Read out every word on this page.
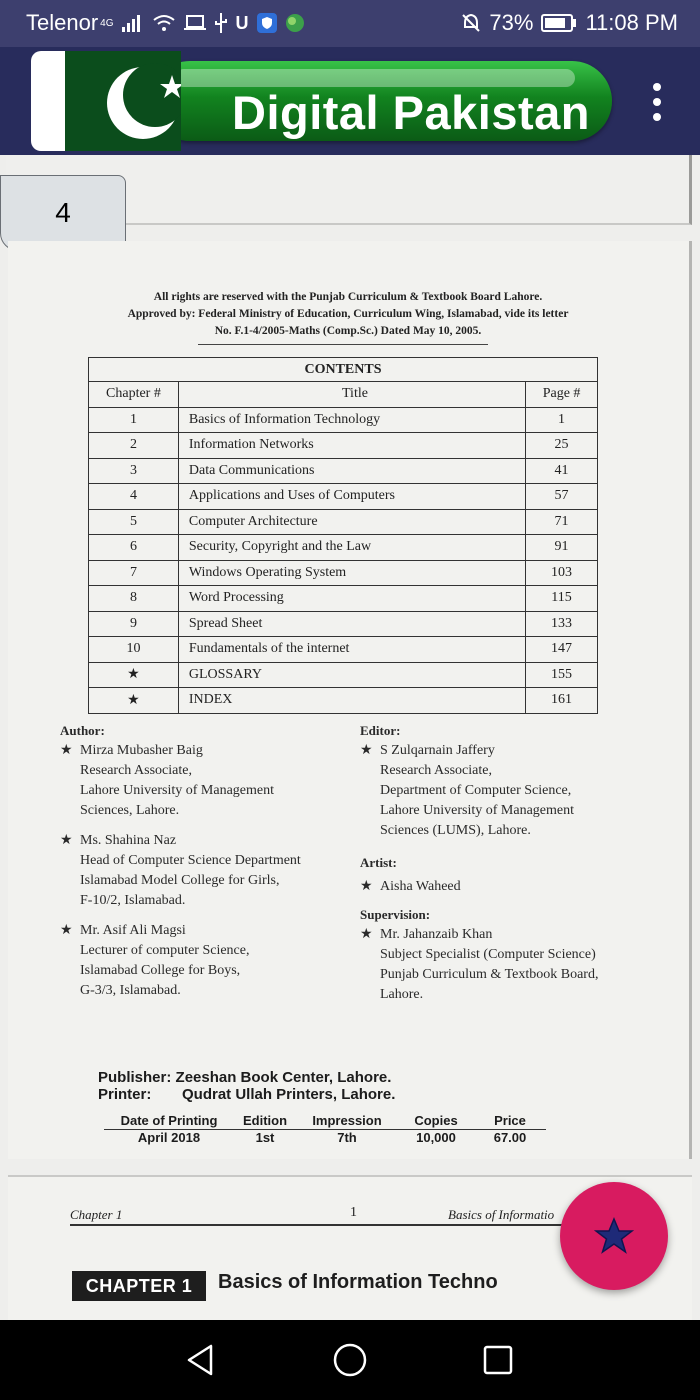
Telenor 4G	U	73% 11:08 PM
Digital Pakistan
4
All rights are reserved with the Punjab Curriculum & Textbook Board Lahore.
Approved by: Federal Ministry of Education, Curriculum Wing, Islamabad, vide its letter
No. F.1-4/2005-Maths (Comp.Sc.) Dated May 10, 2005.
CONTENTS		
Chapter #	Title	Page #
1	Basics of Information Technology	1
2	Information Networks	25
3	Data Communications	41
4	Applications and Uses of Computers	57
5	Computer Architecture	71
6	Security, Copyright and the Law	91
7	Windows Operating System	103
8	Word Processing	115
9	Spread Sheet	133
10	Fundamentals of the internet	147
★	GLOSSARY	155
★	INDEX	161
Author:
★ Mirza Mubasher Baig
Research Associate,
Lahore University of Management
Sciences, Lahore.
★ Ms. Shahina Naz
Head of Computer Science Department
Islamabad Model College for Girls,
F-10/2, Islamabad.
★ Mr. Asif Ali Magsi
Lecturer of computer Science,
Islamabad College for Boys,
G-3/3, Islamabad.
Editor:
★ S Zulqarnain Jaffery
Research Associate,
Department of Computer Science,
Lahore University of Management
Sciences (LUMS), Lahore.
Artist:
★ Aisha Waheed
Supervision:
★ Mr. Jahanzaib Khan
Subject Specialist (Computer Science)
Punjab Curriculum & Textbook Board,
Lahore.
Publisher:
Zeeshan Book Center, Lahore.
Printer:	Qudrat Ullah Printers, Lahore.
Date of Printing	Edition	Impression	Copies	Price
April 2018	1st	7th	10,000	67.00
Chapter 1	1	Basics of Informatio
CHAPTER 1	Basics of Information Techno
